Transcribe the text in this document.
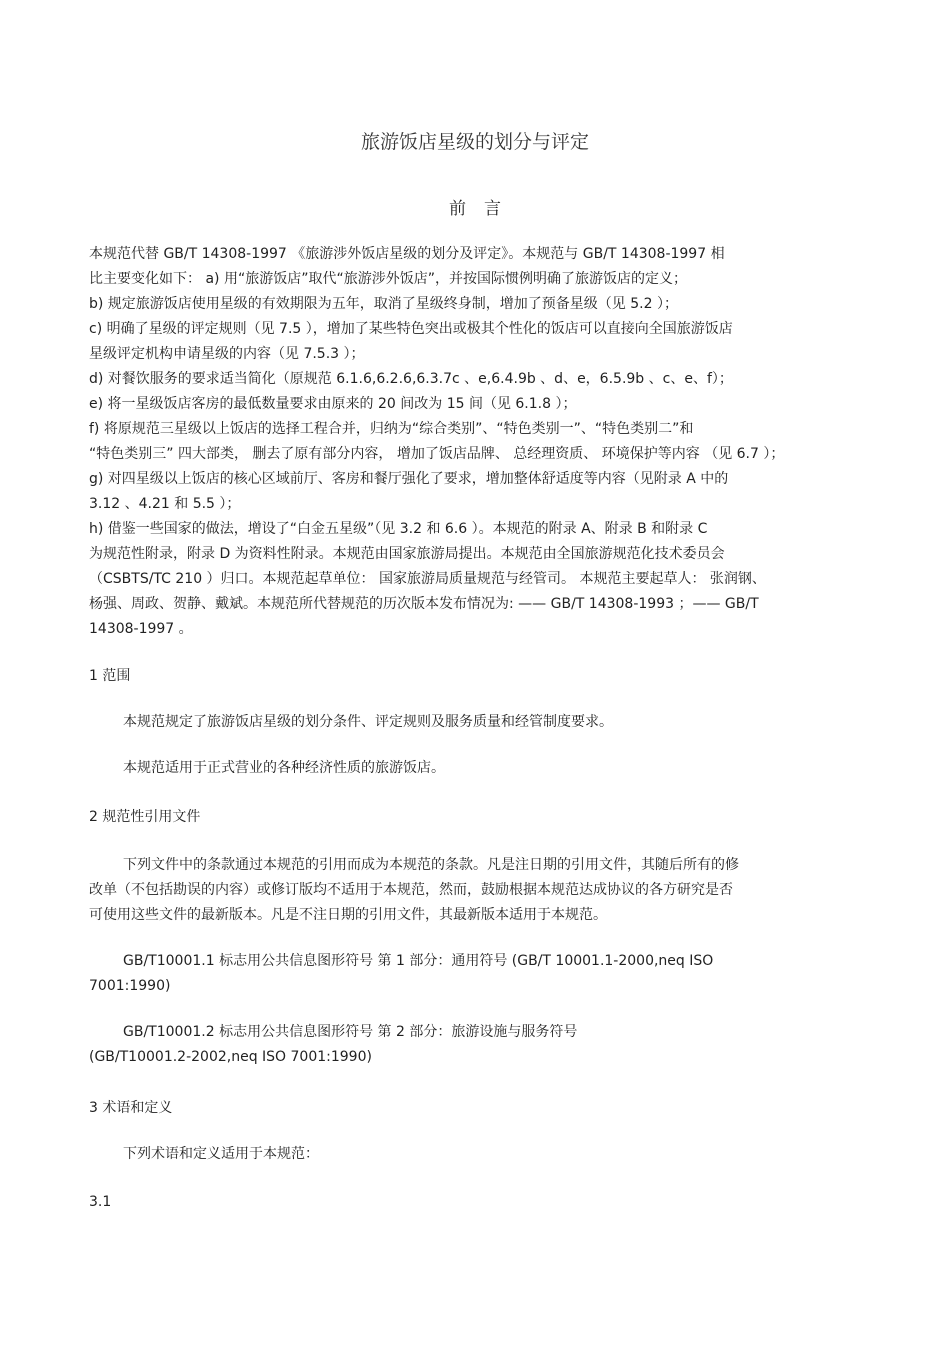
旅游饭店星级的划分与评定
前言
本规范代替 GB/T 14308-1997 《旅游涉外饭店星级的划分及评定》。本规范与 GB/T 14308-1997 相
比主要变化如下： a) 用“旅游饭店”取代“旅游涉外饭店”，并按国际惯例明确了旅游饭店的定义；
b) 规定旅游饭店使用星级的有效期限为五年，取消了星级终身制，增加了预备星级（见 5.2 ）；
c) 明确了星级的评定规则（见 7.5 ），增加了某些特色突出或极其个性化的饭店可以直接向全国旅游饭店
星级评定机构申请星级的内容（见 7.5.3 ）；
d) 对餐饮服务的要求适当简化（原规范 6.1.6,6.2.6,6.3.7c 、e,6.4.9b 、d、e，6.5.9b 、c、e、f）；
e) 将一星级饭店客房的最低数量要求由原来的 20 间改为 15 间（见 6.1.8 ）；
f) 将原规范三星级以上饭店的选择工程合并，归纳为“综合类别”、“特色类别一”、“特色类别二”和
“特色类别三” 四大部类， 删去了原有部分内容， 增加了饭店品牌、 总经理资质、 环境保护等内容 （见 6.7 ）；
g) 对四星级以上饭店的核心区域前厅、客房和餐厅强化了要求，增加整体舒适度等内容（见附录 A 中的
3.12 、4.21 和 5.5 ）；
h) 借鉴一些国家的做法，增设了“白金五星级”（见 3.2 和 6.6 ）。本规范的附录 A、附录 B 和附录 C
为规范性附录，附录 D 为资料性附录。本规范由国家旅游局提出。本规范由全国旅游规范化技术委员会
（CSBTS/TC 210 ）归口。本规范起草单位： 国家旅游局质量规范与经管司。 本规范主要起草人： 张润钢、
杨强、周政、贺静、戴斌。本规范所代替规范的历次版本发布情况为: —— GB/T 14308-1993 ；—— GB/T
14308-1997 。

1 范围

本规范规定了旅游饭店星级的划分条件、评定规则及服务质量和经管制度要求。

本规范适用于正式营业的各种经济性质的旅游饭店。

2 规范性引用文件

下列文件中的条款通过本规范的引用而成为本规范的条款。凡是注日期的引用文件，其随后所有的修
改单（不包括勘误的内容）或修订版均不适用于本规范，然而，鼓励根据本规范达成协议的各方研究是否
可使用这些文件的最新版本。凡是不注日期的引用文件，其最新版本适用于本规范。
GB/T10001.1 标志用公共信息图形符号 第 1 部分：通用符号 (GB/T 10001.1-2000,neq ISO
7001:1990)
GB/T10001.2 标志用公共信息图形符号 第 2 部分：旅游设施与服务符号
(GB/T10001.2-2002,neq ISO 7001:1990)

3 术语和定义

下列术语和定义适用于本规范：

3.1
